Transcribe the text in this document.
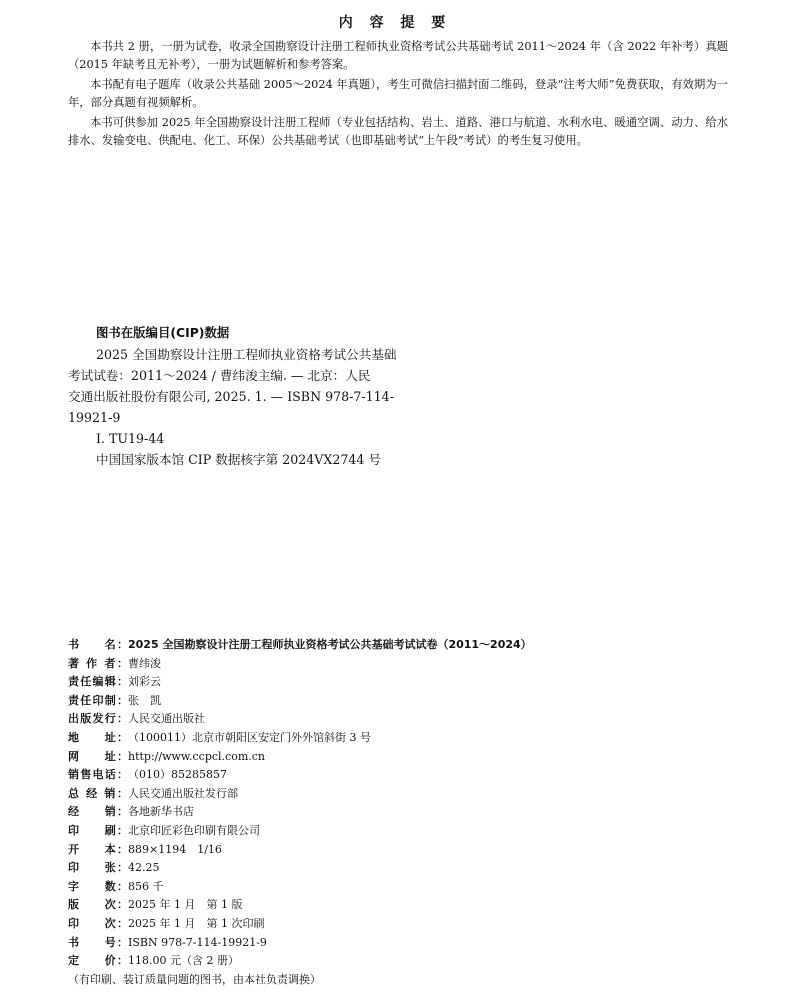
内 容 提 要

本书共 2 册，一册为试卷，收录全国勘察设计注册工程师执业资格考试公共基础考试 2011～2024 年（含 2022 年补考）真题（2015 年缺考且无补考），一册为试题解析和参考答案。

本书配有电子题库（收录公共基础 2005～2024 年真题），考生可微信扫描封面二维码，登录“注考大师”免费获取，有效期为一年，部分真题有视频解析。

本书可供参加 2025 年全国勘察设计注册工程师（专业包括结构、岩土、道路、港口与航道、水利水电、暖通空调、动力、给水排水、发输变电、供配电、化工、环保）公共基础考试（也即基础考试“上午段”考试）的考生复习使用。

图书在版编目(CIP)数据
2025 全国勘察设计注册工程师执业资格考试公共基础
考试试卷：2011～2024 / 曹纬浚主编. — 北京：人民
交通出版社股份有限公司, 2025. 1. — ISBN 978-7-114-
19921-9
Ⅰ. TU19-44
中国国家版本馆 CIP 数据核字第 2024VX2744 号
书　　名：2025 全国勘察设计注册工程师执业资格考试公共基础考试试卷（2011～2024）
著 作 者：曹纬浚
责任编辑：刘彩云
责任印制：张　凯
出版发行：人民交通出版社
地　　址：（100011）北京市朝阳区安定门外外馆斜街 3 号
网　　址：http://www.ccpcl.com.cn
销售电话：（010）85285857
总 经 销：人民交通出版社发行部
经　　销：各地新华书店
印　　刷：北京印匠彩色印刷有限公司
开　　本：889×1194　1/16
印　　张：42.25
字　　数：856 千
版　　次：2025 年 1 月　第 1 版
印　　次：2025 年 1 月　第 1 次印刷
书　　号：ISBN 978-7-114-19921-9
定　　价：118.00 元（含 2 册）
（有印刷、装订质量问题的图书，由本社负责调换）
